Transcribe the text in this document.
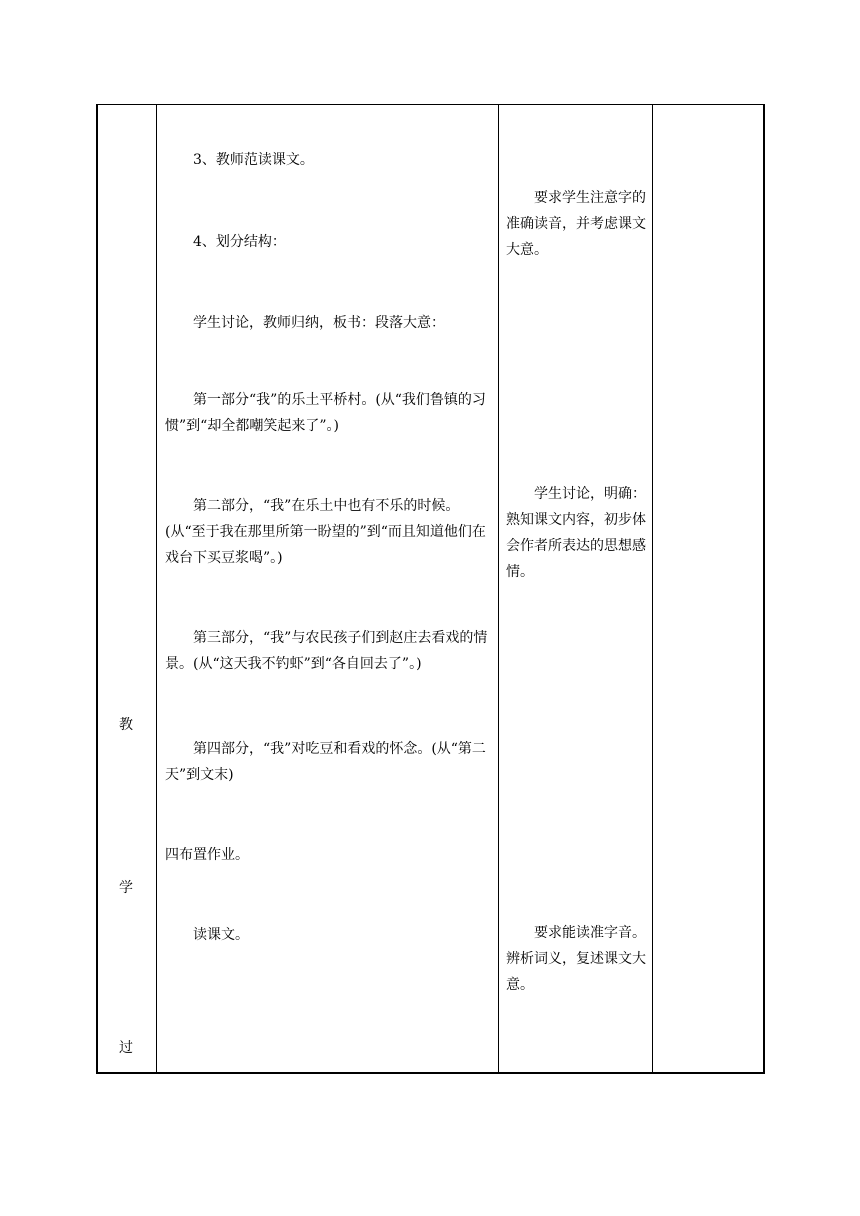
教
学
过
3、教师范读课文。
4、划分结构：
学生讨论，教师归纳，板书：段落大意：
第一部分“我”的乐土平桥村。(从“我们鲁镇的习惯”到“却全都嘲笑起来了”。)
第二部分，“我”在乐土中也有不乐的时候。(从“至于我在那里所第一盼望的”到“而且知道他们在戏台下买豆浆喝”。)
第三部分，“我”与农民孩子们到赵庄去看戏的情景。(从“这天我不钓虾”到“各自回去了”。)
第四部分，“我”对吃豆和看戏的怀念。(从“第二天”到文末)
四布置作业。
读课文。
要求学生注意字的准确读音，并考虑课文大意。
学生讨论，明确：熟知课文内容，初步体会作者所表达的思想感情。
要求能读准字音。辨析词义，复述课文大意。
